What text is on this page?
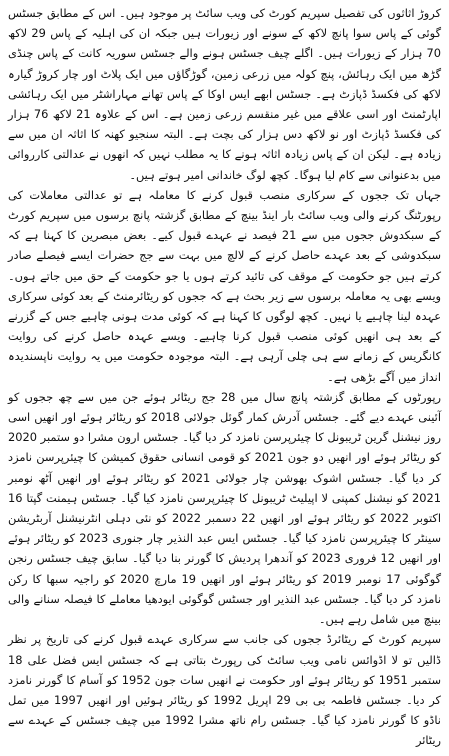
کروڑ اثاثوں کی تفصیل سپریم کورٹ کی ویب سائٹ پر موجود ہیں۔ اس کے مطابق جسٹس گوئی کے پاس سوا پانچ لاکھ کے سونے اور زیورات ہیں جبکہ ان کی اہلیہ کے پاس 29 لاکھ 70 ہزار کے زیورات ہیں۔ اگلے چیف جسٹس ہونے والے جسٹس سوریہ کانت کے پاس چنڈی گڑھ میں ایک رہائش، پنچ کولہ میں زرعی زمین، گوڑگاؤں میں ایک پلاٹ اور چار کروڑ گیارہ لاکھ کی فکسڈ ڈپازٹ ہے۔ جسٹس ابھے ایس اوکا کے پاس تھانے مہاراشٹر میں ایک رہائشی اپارٹمنٹ اور اسی علاقے میں غیر منقسم زرعی زمین ہے۔ اس کے علاوہ 21 لاکھ 76 ہزار کی فکسڈ ڈپازٹ اور نو لاکھ دس ہزار کی بچت ہے۔ البتہ سنجیو کھنہ کا اثاثہ ان میں سے زیادہ ہے۔ لیکن ان کے پاس زیادہ اثاثہ ہونے کا یہ مطلب نہیں کہ انھوں نے عدالتی کارروائی میں بدعنوانی سے کام لیا ہوگا۔ کچھ لوگ خاندانی امیر ہوتے ہیں۔

جہاں تک ججوں کے سرکاری منصب قبول کرنے کا معاملہ ہے تو عدالتی معاملات کی رپورٹنگ کرنے والی ویب سائٹ بار اینڈ بینچ کے مطابق گزشتہ پانچ برسوں میں سپریم کورٹ کے سبکدوش ججوں میں سے 21 فیصد نے عہدے قبول کیے۔ بعض مبصرین کا کہنا ہے کہ سبکدوشی کے بعد عہدے حاصل کرنے کے لالچ میں بہت سے جج حضرات ایسے فیصلے صادر کرتے ہیں جو حکومت کے موقف کی تائید کرتے ہوں یا جو حکومت کے حق میں جاتے ہوں۔ ویسے بھی یہ معاملہ برسوں سے زیر بحث ہے کہ ججوں کو ریٹائرمنٹ کے بعد کوئی سرکاری عہدہ لینا چاہیے یا نہیں۔ کچھ لوگوں کا کہنا ہے کہ کوئی مدت ہونی چاہیے جس کے گزرنے کے بعد ہی انھیں کوئی منصب قبول کرنا چاہیے۔ ویسے عہدہ حاصل کرنے کی روایت کانگریس کے زمانے سے ہی چلی آرہی ہے۔ البتہ موجودہ حکومت میں یہ روایت ناپسندیدہ انداز میں آگے بڑھی ہے۔

رپورٹوں کے مطابق گزشتہ پانچ سال میں 28 جج ریٹائر ہوئے جن میں سے چھ ججوں کو آئینی عہدے دیے گئے۔ جسٹس آدرش کمار گوئل جولائی 2018 کو ریٹائر ہوئے اور انھیں اسی روز نیشنل گرین ٹریبونل کا چیئرپرسن نامزد کر دیا گیا۔ جسٹس ارون مشرا دو ستمبر 2020 کو ریٹائر ہوئے اور انھیں دو جون 2021 کو قومی انسانی حقوق کمیشن کا چیئرپرسن نامزد کر دیا گیا۔ جسٹس اشوک بھوشن چار جولائی 2021 کو ریٹائر ہوئے اور انھیں آٹھ نومبر 2021 کو نیشنل کمپنی لا اپیلیٹ ٹریبونل کا چیئرپرسن نامزد کیا گیا۔ جسٹس ہیمنت گپتا 16 اکتوبر 2022 کو ریٹائر ہوئے اور انھیں 22 دسمبر 2022 کو نئی دہلی انٹرنیشنل آربٹریشن سینٹر کا چیئرپرسن نامزد کیا گیا۔ جسٹس ایس عبد النذیر چار جنوری 2023 کو ریٹائر ہوئے اور انھیں 12 فروری 2023 کو آندھرا پردیش کا گورنر بنا دیا گیا۔ سابق چیف جسٹس رنجن گوگوئی 17 نومبر 2019 کو ریٹائر ہوئے اور انھیں 19 مارچ 2020 کو راجیہ سبھا کا رکن نامزد کر دیا گیا۔ جسٹس عبد النذیر اور جسٹس گوگوئی ایودھیا معاملے کا فیصلہ سنانے والی بینچ میں شامل رہے ہیں۔

سپریم کورٹ کے ریٹائرڈ ججوں کی جانب سے سرکاری عہدے قبول کرنے کی تاریخ پر نظر ڈالیں تو لا اڈوائس نامی ویب سائٹ کی رپورٹ بتاتی ہے کہ جسٹس ایس فضل علی 18 ستمبر 1951 کو ریٹائر ہوئے اور حکومت نے انھیں سات جون 1952 کو آسام کا گورنر نامزد کر دیا۔ جسٹس فاطمہ بی بی 29 اپریل 1992 کو ریٹائر ہوئیں اور انھیں 1997 میں تمل ناڈو کا گورنر نامزد کیا گیا۔ جسٹس رام ناتھ مشرا 1992 میں چیف جسٹس کے عہدے سے ریٹائر
